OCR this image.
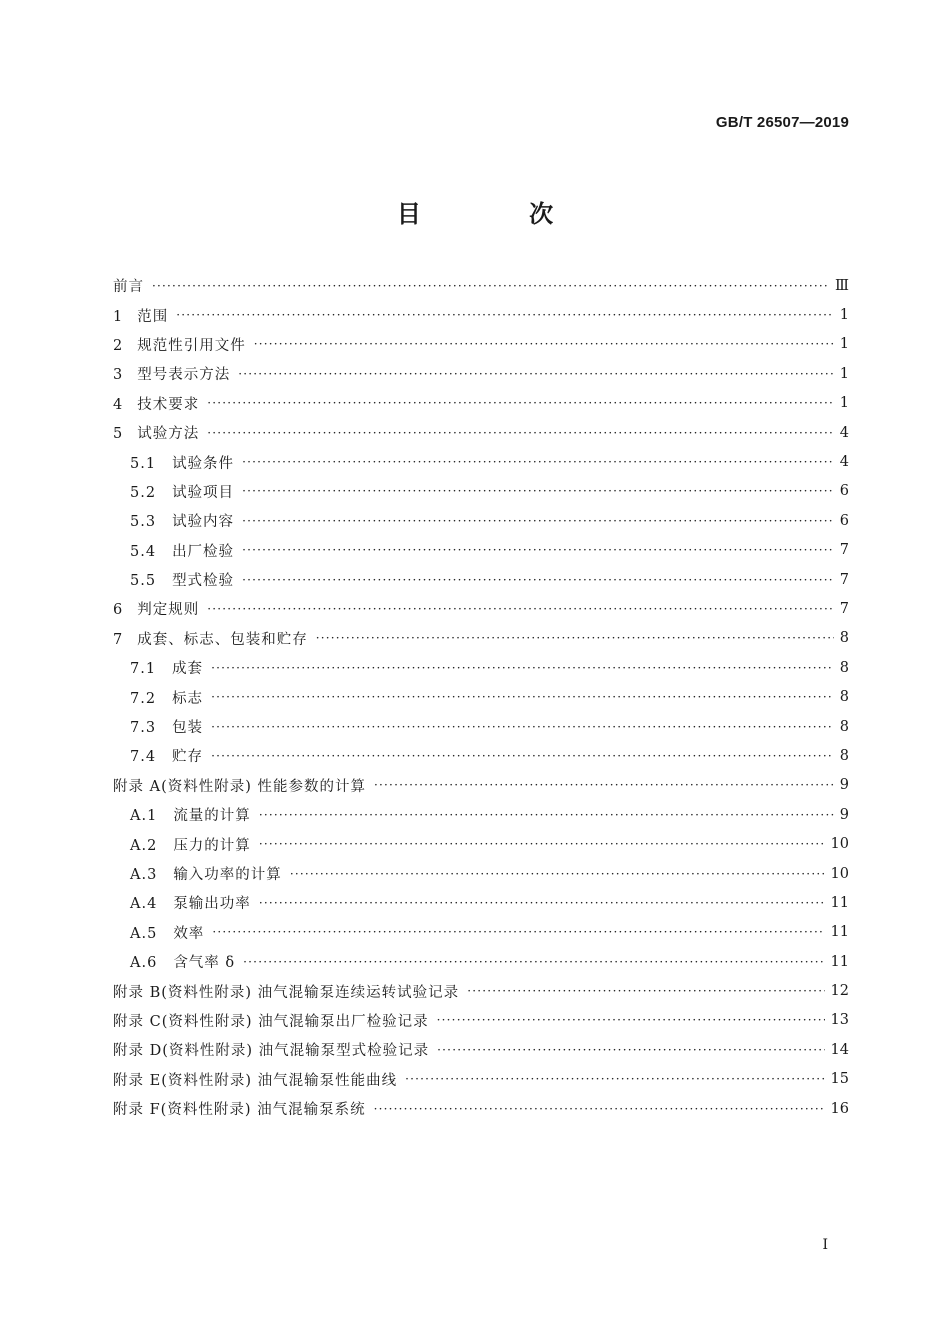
GB/T 26507—2019
目 次
前言 ·····	Ⅲ
1 范围 ·····	1
2 规范性引用文件 ·····	1
3 型号表示方法 ·····	1
4 技术要求 ·····	1
5 试验方法 ·····	4
5.1 试验条件 ·····	4
5.2 试验项目 ·····	6
5.3 试验内容 ·····	6
5.4 出厂检验 ·····	7
5.5 型式检验 ·····	7
6 判定规则 ·····	7
7 成套、标志、包装和贮存 ·····	8
7.1 成套 ·····	8
7.2 标志 ·····	8
7.3 包装 ·····	8
7.4 贮存 ·····	8
附录 A(资料性附录) 性能参数的计算 ·····	9
A.1 流量的计算 ·····	9
A.2 压力的计算 ·····	10
A.3 输入功率的计算 ·····	10
A.4 泵输出功率 ·····	11
A.5 效率 ·····	11
A.6 含气率 δ ·····	11
附录 B(资料性附录) 油气混输泵连续运转试验记录 ·····	12
附录 C(资料性附录) 油气混输泵出厂检验记录 ·····	13
附录 D(资料性附录) 油气混输泵型式检验记录 ·····	14
附录 E(资料性附录) 油气混输泵性能曲线 ·····	15
附录 F(资料性附录) 油气混输泵系统 ·····	16
I
